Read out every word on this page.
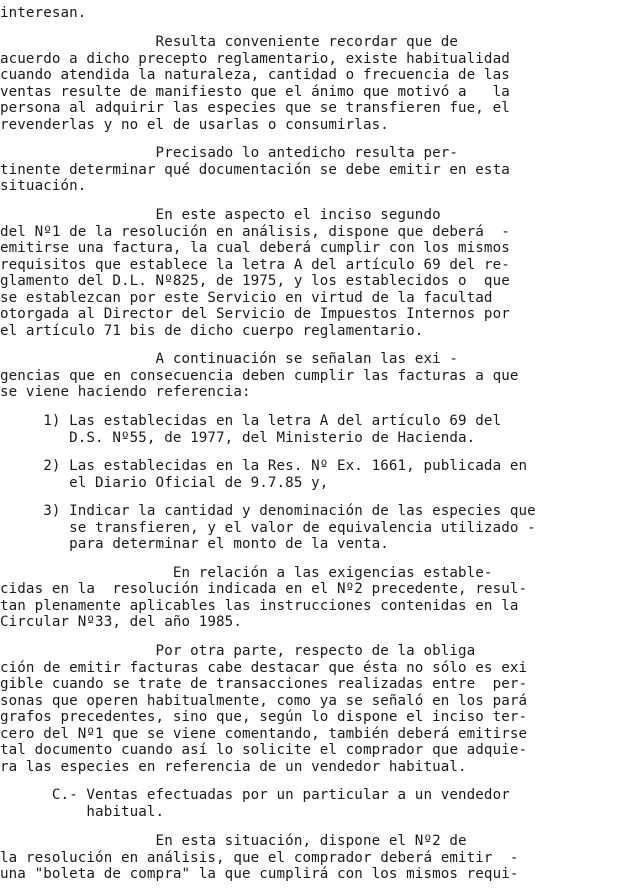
interesan.
Resulta conveniente recordar que de
acuerdo a dicho precepto reglamentario, existe habitualidad
cuando atendida la naturaleza, cantidad o frecuencia de las
ventas resulte de manifiesto que el ánimo que motivó a   la
persona al adquirir las especies que se transfieren fue, el
revenderlas y no el de usarlas o consumirlas.
Precisado lo antedicho resulta per-
tinente determinar qué documentación se debe emitir en esta
situación.
En este aspecto el inciso segundo
del Nº1 de la resolución en análisis, dispone que deberá  -
emitirse una factura, la cual deberá cumplir con los mismos
requisitos que establece la letra A del artículo 69 del re-
glamento del D.L. Nº825, de 1975, y los establecidos o  que
se establezcan por este Servicio en virtud de la facultad
otorgada al Director del Servicio de Impuestos Internos por
el artículo 71 bis de dicho cuerpo reglamentario.
A continuación se señalan las exi -
gencias que en consecuencia deben cumplir las facturas a que
se viene haciendo referencia:
1) Las establecidas en la letra A del artículo 69 del
D.S. Nº55, de 1977, del Ministerio de Hacienda.
2) Las establecidas en la Res. Nº Ex. 1661, publicada en
el Diario Oficial de 9.7.85 y,
3) Indicar la cantidad y denominación de las especies que
se transfieren, y el valor de equivalencia utilizado -
para determinar el monto de la venta.
En relación a las exigencias estable-
cidas en la  resolución indicada en el Nº2 precedente, resul-
tan plenamente aplicables las instrucciones contenidas en la
Circular Nº33, del año 1985.
Por otra parte, respecto de la obliga
ción de emitir facturas cabe destacar que ésta no sólo es exi
gible cuando se trate de transacciones realizadas entre  per-
sonas que operen habitualmente, como ya se señaló en los pará
grafos precedentes, sino que, según lo dispone el inciso ter-
cero del Nº1 que se viene comentando, también deberá emitirse
tal documento cuando así lo solicite el comprador que adquie-
ra las especies en referencia de un vendedor habitual.
C.- Ventas efectuadas por un particular a un vendedor
habitual.
En esta situación, dispone el Nº2 de
la resolución en análisis, que el comprador deberá emitir  -
una "boleta de compra" la que cumplirá con los mismos requi-
